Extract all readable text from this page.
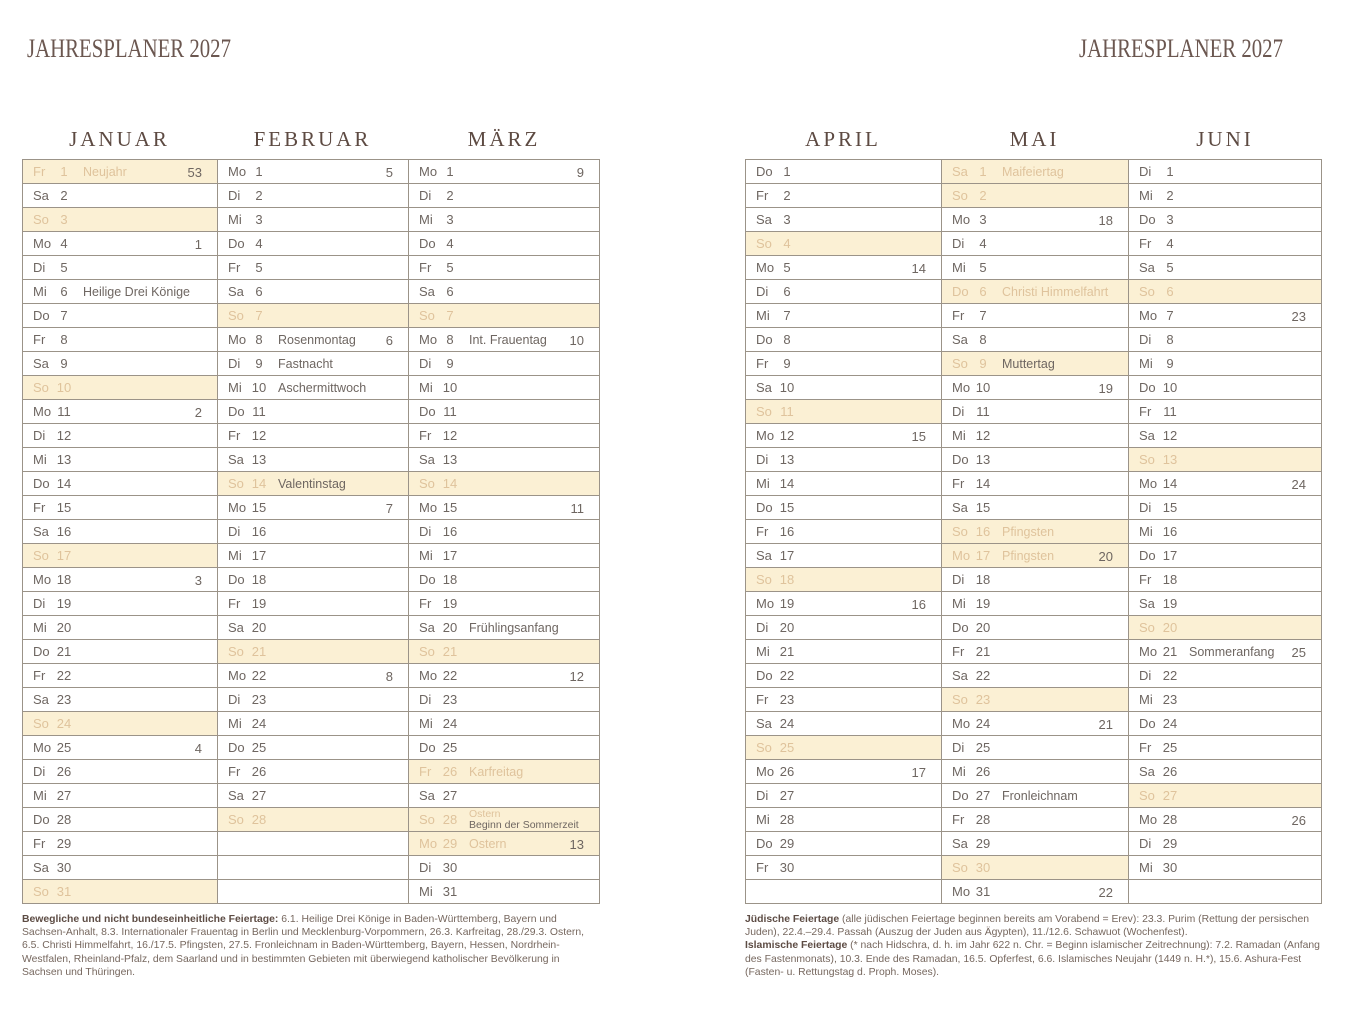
JAHRESPLANER 2027	JAHRESPLANER 2027
JANUAR
Fr	1	Neujahr	53
Sa 2
So 3
Mo 4	1
Di	5
Mi	6	Heilige Drei Könige
Do 7
Fr	8
Sa 9
So 10
Mo 11	2
Di 12
Mi 13
Do 14
Fr 15
Sa 16
So 17
Mo 18	3
Di 19
Mi 20
Do 21
Fr 22
Sa 23
So 24
Mo 25	4
Di 26
Mi 27
Do 28
Fr 29
Sa 30
So 31
FEBRUAR
Mo 1	5
Di	2
Mi	3
Do 4
Fr	5
Sa 6
So 7
Mo 8	Rosenmontag 6
Di	9	Fastnacht
Mi 10 Aschermittwoch
Do 11
Fr 12
Sa 13
So 14 Valentinstag
Mo 15	7
Di 16
Mi 17
Do 18
Fr 19
Sa 20
So 21
Mo 22	8
Di 23
Mi 24
Do 25
Fr 26
Sa 27
So 28
MÄRZ
Mo 1	9
Di	2
Mi	3
Do 4
Fr	5
Sa 6
So 7
Mo 8	Int. Frauentag 10
Di	9
Mi 10
Do 11
Fr 12
Sa 13
So 14
Mo 15	11
Di 16
Mi 17
Do 18
Fr 19
Sa 20 Frühlingsanfang
So 21
Mo 22	12
Di 23
Mi 24
Do 25
Fr 26 Karfreitag
Sa 27
So 28 Ostern
Beginn der Sommerzeit
Mo 29 Ostern	13
Di 30
Mi 31
APRIL
Do 1
Fr	2
Sa 3
So 4
Mo 5	14
Di	6
Mi	7
Do 8
Fr	9
Sa 10
So 11
Mo 12	15
Di 13
Mi 14
Do 15
Fr 16
Sa 17
So 18
Mo 19	16
Di 20
Mi 21
Do 22
Fr 23
Sa 24
So 25
Mo 26	17
Di 27
Mi 28
Do 29
Fr 30
MAI
Sa 1	Maifeiertag
So 2
Mo 3	18
Di	4
Mi	5
Do 6	Christi Himmelfahrt
Fr	7
Sa 8
So 9	Muttertag
Mo 10	19
Di 11
Mi 12
Do 13
Fr 14
Sa 15
So 16 Pfingsten
Mo 17 Pfingsten	20
Di 18
Mi 19
Do 20
Fr 21
Sa 22
So 23
Mo 24	21
Di 25
Mi 26
Do 27 Fronleichnam
Fr 28
Sa 29
So 30
Mo 31	22
JUNI
Di	1
Mi	2
Do 3
Fr	4
Sa 5
So 6
Mo 7	23
Di	8
Mi	9
Do 10
Fr 11
Sa 12
So 13
Mo 14	24
Di 15
Mi 16
Do 17
Fr 18
Sa 19
So 20
Mo 21 Sommeranfang 25
Di 22
Mi 23
Do 24
Fr 25
Sa 26
So 27
Mo 28	26
Di 29
Mi 30

Bewegliche und nicht bundeseinheitliche Feiertage: 6.1. Heilige Drei Könige in Baden-Württemberg, Bayern und Sachsen-Anhalt, 8.3. Internationaler Frauentag in Berlin und Mecklenburg-Vorpommern, 26.3. Karfreitag, 28./29.3. Ostern, 6.5. Christi Himmelfahrt, 16./17.5. Pfingsten, 27.5. Fronleichnam in Baden-Württemberg, Bayern, Hessen, Nordrhein-Westfalen, Rheinland-Pfalz, dem Saarland und in bestimmten Gebieten mit überwiegend katholischer Bevölkerung in Sachsen und Thüringen.

Jüdische Feiertage (alle jüdischen Feiertage beginnen bereits am Vorabend = Erev): 23.3. Purim (Rettung der persischen Juden), 22.4.–29.4. Passah (Auszug der Juden aus Ägypten), 11./12.6. Schawuot (Wochenfest).

Islamische Feiertage (* nach Hidschra, d. h. im Jahr 622 n. Chr. = Beginn islamischer Zeitrechnung): 7.2. Ramadan (Anfang des Fastenmonats), 10.3. Ende des Ramadan, 16.5. Opferfest, 6.6. Islamisches Neujahr (1449 n. H.*), 15.6. Ashura-Fest (Fasten- u. Rettungstag d. Proph. Moses).
